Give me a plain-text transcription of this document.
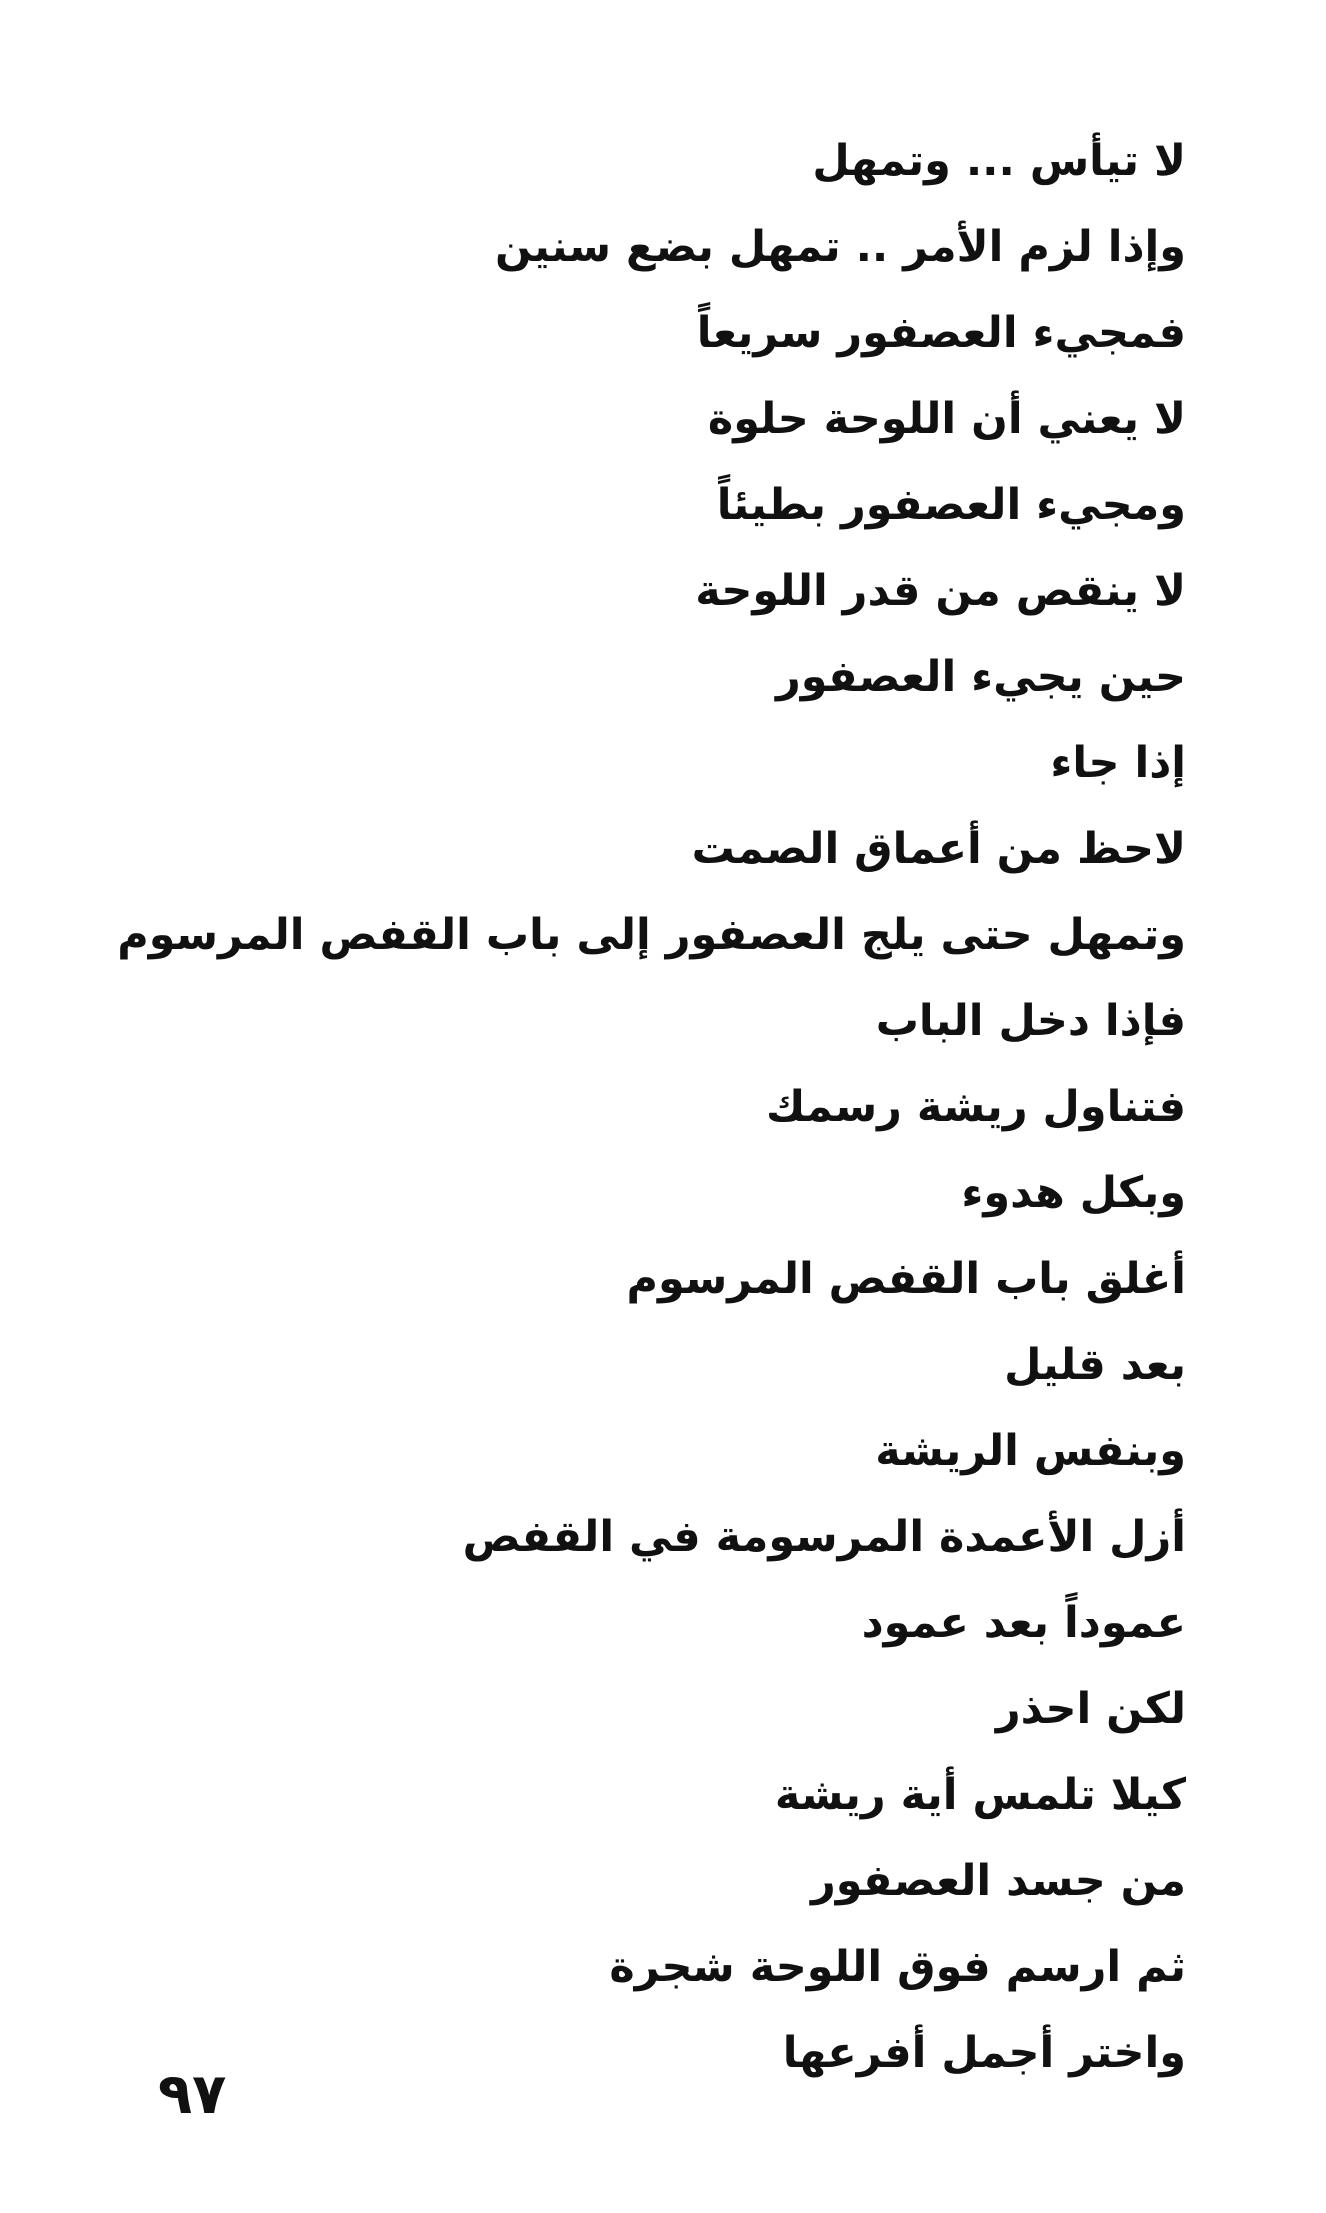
لا تيأس ... وتمهل
وإذا لزم الأمر .. تمهل بضع سنين
فمجيء العصفور سريعاً
لا يعني أن اللوحة حلوة
ومجيء العصفور بطيئاً
لا ينقص من قدر اللوحة
حين يجيء العصفور
إذا جاء
لاحظ من أعماق الصمت
وتمهل حتى يلج العصفور إلى باب القفص المرسوم
فإذا دخل الباب
فتناول ريشة رسمك
وبكل هدوء
أغلق باب القفص المرسوم
بعد قليل
وبنفس الريشة
أزل الأعمدة المرسومة في القفص
عموداً بعد عمود
لكن احذر
كيلا تلمس أية ريشة
من جسد العصفور
ثم ارسم فوق اللوحة شجرة
واختر أجمل أفرعها
٩٧
